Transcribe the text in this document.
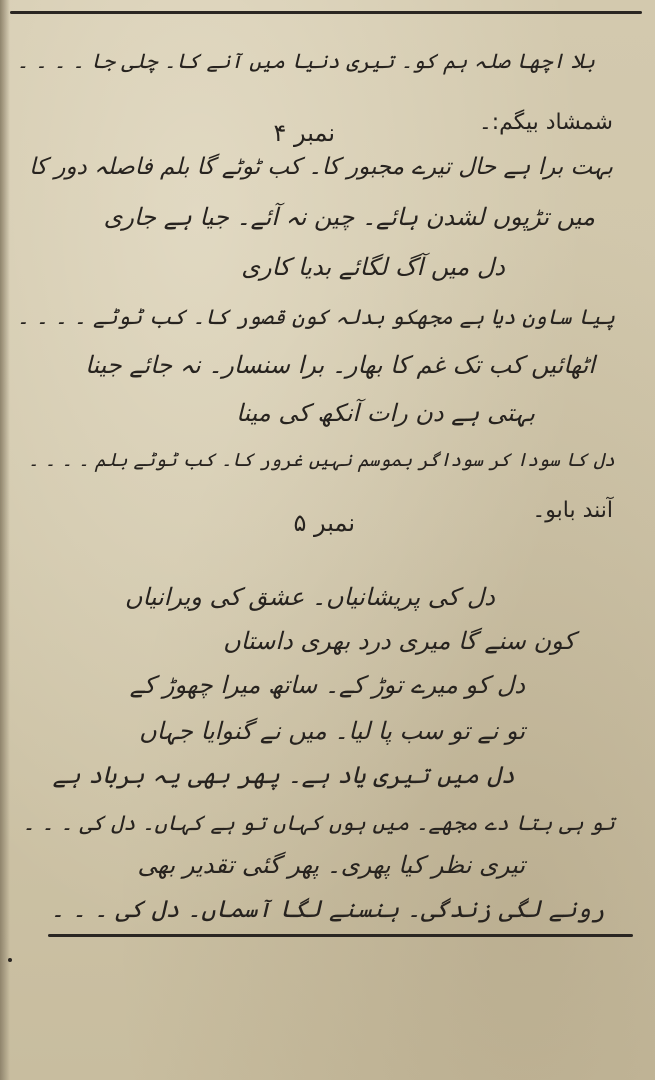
بلا اچھا صلہ ہم کو۔ تیری دنیا میں آنے کا۔ چلی جا ۔ ۔ ۔ ۔
شمشاد بیگم:۔
نمبر ۴
بہت برا ہے حال تیرے مجبور کا۔ کب ٹوٹے گا بلم فاصلہ دور کا
میں تڑپوں لشدن ہائے۔ چین نہ آئے۔ جیا ہے جاری
دل میں آگ لگائے بدیا کاری
پیا ساون دیا ہے مجھکو بدلہ کون قصور کا۔ کب ٹوٹے ۔ ۔ ۔ ۔
اٹھائیں کب تک غم کا بھار۔ برا سنسار۔ نہ جائے جینا
بہتی ہے دن رات آنکھ کی مینا
دل کا سودا کر سوداگر بموسم نہیں غرور کا۔ کب ٹوٹے بلم ۔ ۔ ۔ ۔
آنند بابو۔
نمبر ۵
دل کی پریشانیاں۔ عشق کی ویرانیاں
کون سنے گا میری درد بھری داستاں
دل کو میرے توڑ کے۔ ساتھ میرا چھوڑ کے
تو نے تو سب پا لیا۔ میں نے گنوایا جہاں
دل میں تیری یاد ہے۔ پھر بھی یہ برباد ہے
تو ہی بتا دے مجھے۔ میں ہوں کہاں تو ہے کہاں۔ دل کی ۔ ۔ ۔
تیری نظر کیا پھری۔ پھر گئی تقدیر بھی
رونے لگی زندگی۔ ہنسنے لگا آسماں۔ دل کی ۔ ۔ ۔
